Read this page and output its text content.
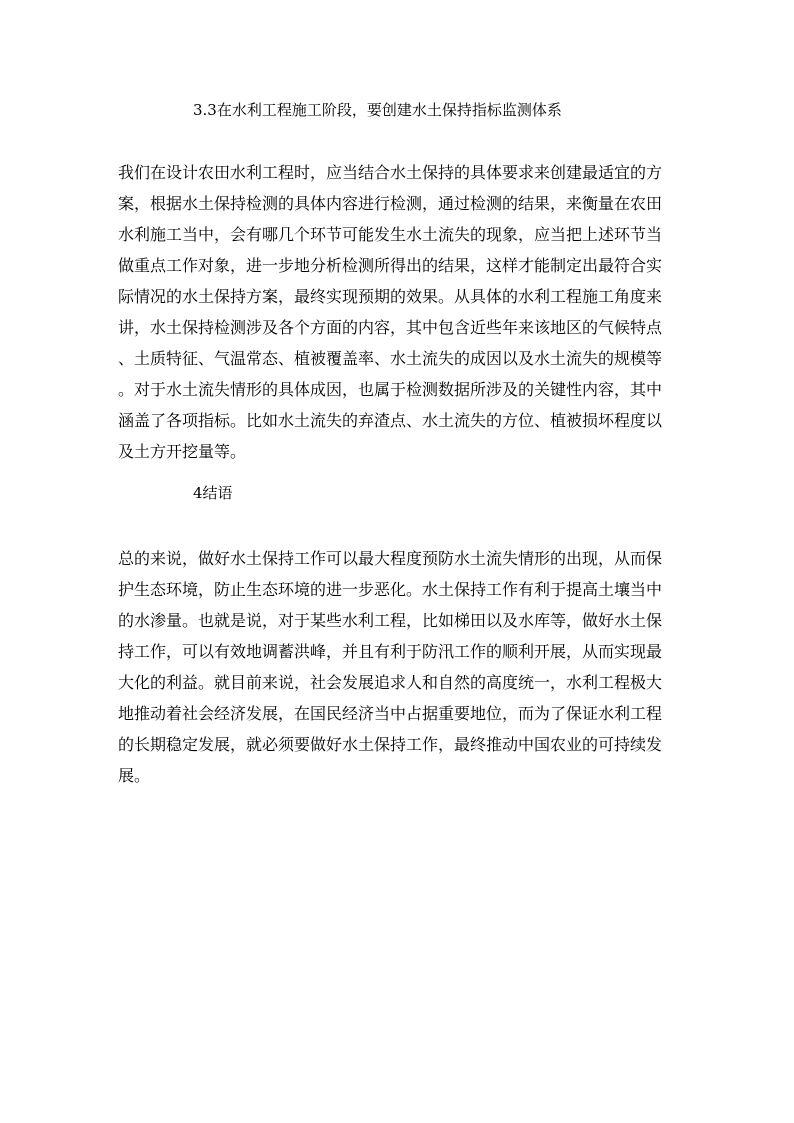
3.3在水利工程施工阶段，要创建水土保持指标监测体系
我们在设计农田水利工程时，应当结合水土保持的具体要求来创建最适宜的方
案，根据水土保持检测的具体内容进行检测，通过检测的结果，来衡量在农田
水利施工当中，会有哪几个环节可能发生水土流失的现象，应当把上述环节当
做重点工作对象，进一步地分析检测所得出的结果，这样才能制定出最符合实
际情况的水土保持方案，最终实现预期的效果。从具体的水利工程施工角度来
讲，水土保持检测涉及各个方面的内容，其中包含近些年来该地区的气候特点
、土质特征、气温常态、植被覆盖率、水土流失的成因以及水土流失的规模等
。对于水土流失情形的具体成因，也属于检测数据所涉及的关键性内容，其中
涵盖了各项指标。比如水土流失的弃渣点、水土流失的方位、植被损坏程度以
及土方开挖量等。
4结语
总的来说，做好水土保持工作可以最大程度预防水土流失情形的出现，从而保
护生态环境，防止生态环境的进一步恶化。水土保持工作有利于提高土壤当中
的水渗量。也就是说，对于某些水利工程，比如梯田以及水库等，做好水土保
持工作，可以有效地调蓄洪峰，并且有利于防汛工作的顺利开展，从而实现最
大化的利益。就目前来说，社会发展追求人和自然的高度统一，水利工程极大
地推动着社会经济发展，在国民经济当中占据重要地位，而为了保证水利工程
的长期稳定发展，就必须要做好水土保持工作，最终推动中国农业的可持续发
展。
